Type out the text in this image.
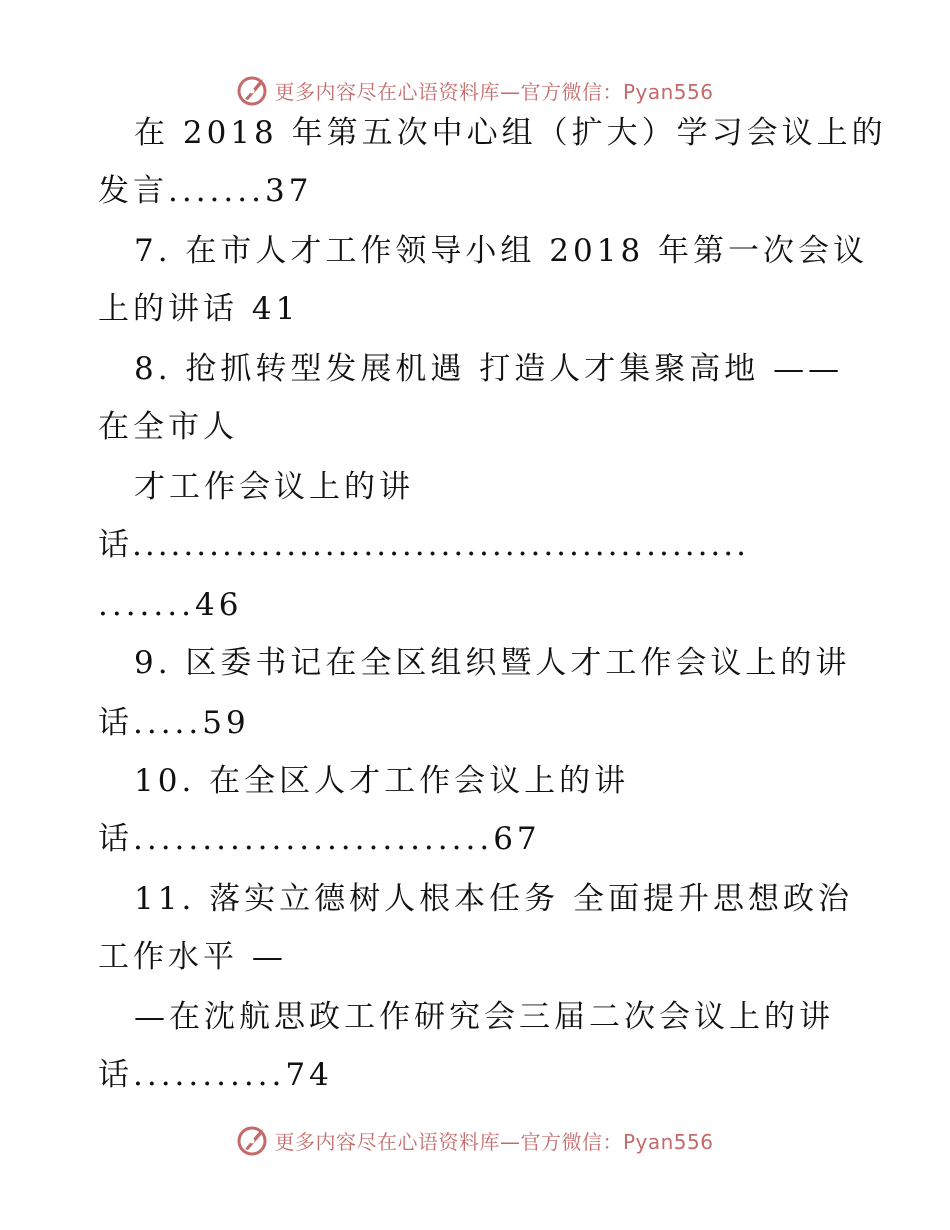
更多内容尽在心语资料库—官方微信：Pyan556
在 2018 年第五次中心组（扩大）学习会议上的
发言.......37
7. 在市人才工作领导小组 2018 年第一次会议
上的讲话 41
8. 抢抓转型发展机遇 打造人才集聚高地 ——
在全市人
才工作会议上的讲
话................................................
.......46
9. 区委书记在全区组织暨人才工作会议上的讲
话.....59
10. 在全区人才工作会议上的讲
话..........................67
11. 落实立德树人根本任务 全面提升思想政治
工作水平 —
—在沈航思政工作研究会三届二次会议上的讲
话...........74
更多内容尽在心语资料库—官方微信：Pyan556
